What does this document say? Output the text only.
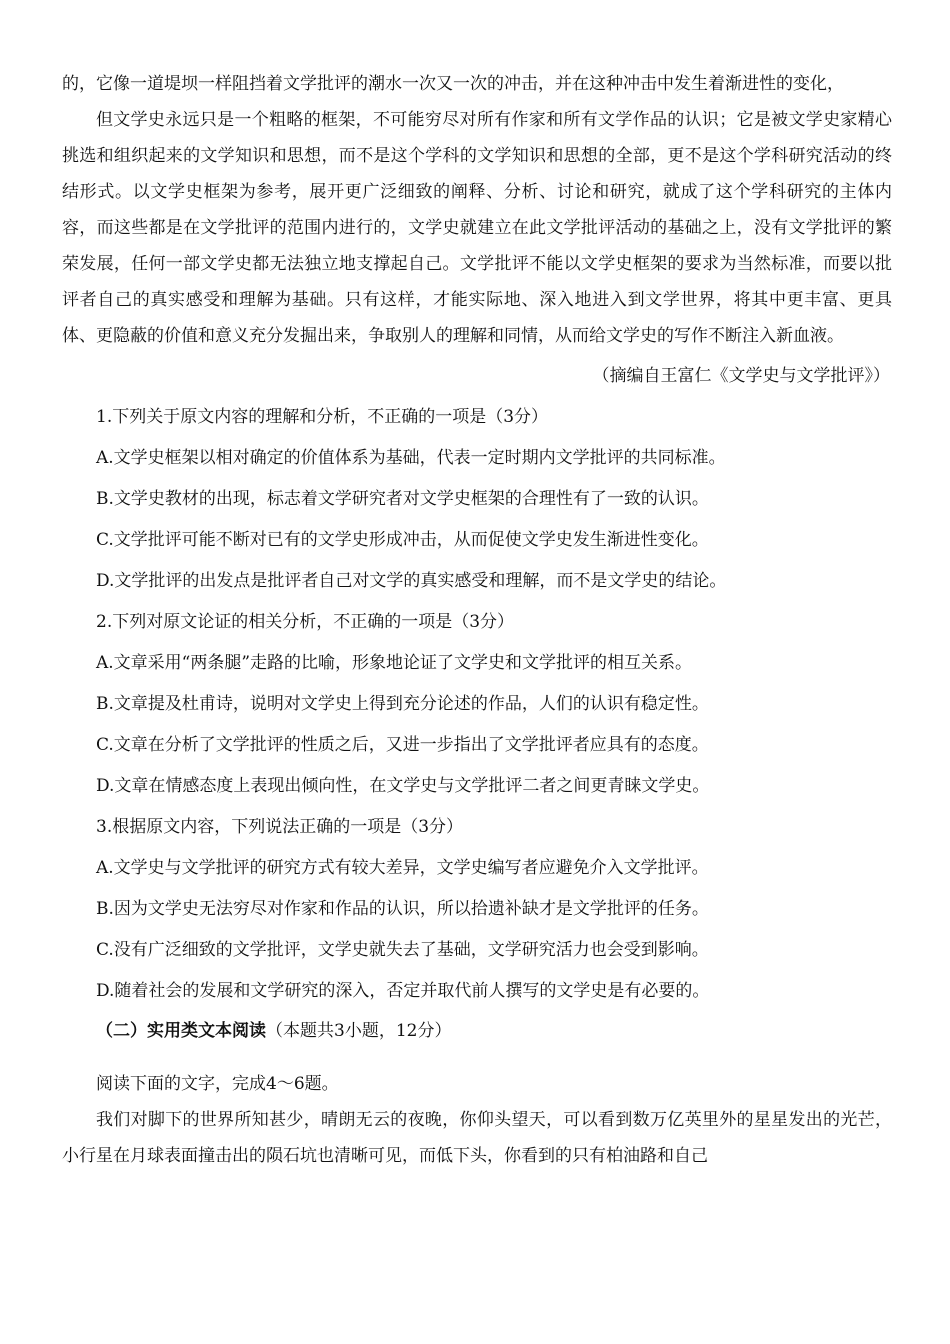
的，它像一道堤坝一样阻挡着文学批评的潮水一次又一次的冲击，并在这种冲击中发生着渐进性的变化，

但文学史永远只是一个粗略的框架，不可能穷尽对所有作家和所有文学作品的认识；它是被文学史家精心挑选和组织起来的文学知识和思想，而不是这个学科的文学知识和思想的全部，更不是这个学科研究活动的终结形式。以文学史框架为参考，展开更广泛细致的阐释、分析、讨论和研究，就成了这个学科研究的主体内容，而这些都是在文学批评的范围内进行的，文学史就建立在此文学批评活动的基础之上，没有文学批评的繁荣发展，任何一部文学史都无法独立地支撑起自己。文学批评不能以文学史框架的要求为当然标准，而要以批评者自己的真实感受和理解为基础。只有这样，才能实际地、深入地进入到文学世界，将其中更丰富、更具体、更隐蔽的价值和意义充分发掘出来，争取别人的理解和同情，从而给文学史的写作不断注入新血液。

（摘编自王富仁《文学史与文学批评》）

1.下列关于原文内容的理解和分析，不正确的一项是（3分）

A.文学史框架以相对确定的价值体系为基础，代表一定时期内文学批评的共同标准。

B.文学史教材的出现，标志着文学研究者对文学史框架的合理性有了一致的认识。

C.文学批评可能不断对已有的文学史形成冲击，从而促使文学史发生渐进性变化。

D.文学批评的出发点是批评者自己对文学的真实感受和理解，而不是文学史的结论。

2.下列对原文论证的相关分析，不正确的一项是（3分）

A.文章采用“两条腿”走路的比喻，形象地论证了文学史和文学批评的相互关系。

B.文章提及杜甫诗，说明对文学史上得到充分论述的作品，人们的认识有稳定性。

C.文章在分析了文学批评的性质之后，又进一步指出了文学批评者应具有的态度。

D.文章在情感态度上表现出倾向性，在文学史与文学批评二者之间更青睐文学史。

3.根据原文内容，下列说法正确的一项是（3分）

A.文学史与文学批评的研究方式有较大差异，文学史编写者应避免介入文学批评。

B.因为文学史无法穷尽对作家和作品的认识，所以拾遗补缺才是文学批评的任务。

C.没有广泛细致的文学批评，文学史就失去了基础，文学研究活力也会受到影响。

D.随着社会的发展和文学研究的深入，否定并取代前人撰写的文学史是有必要的。

（二）实用类文本阅读（本题共3小题，12分）

阅读下面的文字，完成4～6题。

我们对脚下的世界所知甚少，晴朗无云的夜晚，你仰头望天，可以看到数万亿英里外的星星发出的光芒，小行星在月球表面撞击出的陨石坑也清晰可见，而低下头，你看到的只有柏油路和自己
